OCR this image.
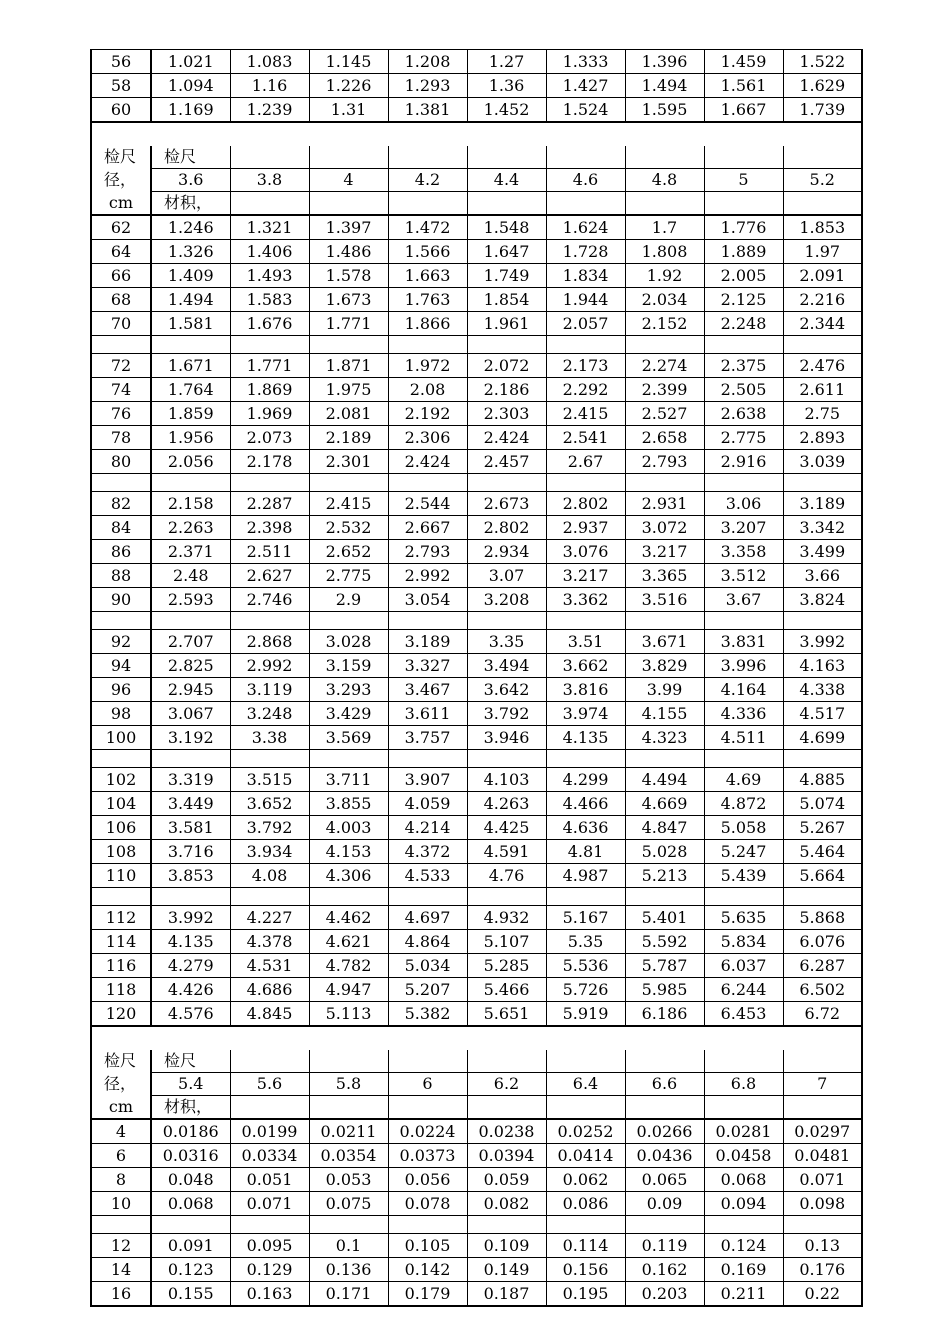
56	1.021	1.083	1.145	1.208	1.27	1.333	1.396	1.459	1.522
58	1.094	1.16	1.226	1.293	1.36	1.427	1.494	1.561	1.629
60	1.169	1.239	1.31	1.381	1.452	1.524	1.595	1.667	1.739

检尺	检尺								
径，	3.6	3.8	4	4.2	4.4	4.6	4.8	5	5.2
cm	材积，								
62	1.246	1.321	1.397	1.472	1.548	1.624	1.7	1.776	1.853
64	1.326	1.406	1.486	1.566	1.647	1.728	1.808	1.889	1.97
66	1.409	1.493	1.578	1.663	1.749	1.834	1.92	2.005	2.091
68	1.494	1.583	1.673	1.763	1.854	1.944	2.034	2.125	2.216
70	1.581	1.676	1.771	1.866	1.961	2.057	2.152	2.248	2.344

72	1.671	1.771	1.871	1.972	2.072	2.173	2.274	2.375	2.476
74	1.764	1.869	1.975	2.08	2.186	2.292	2.399	2.505	2.611
76	1.859	1.969	2.081	2.192	2.303	2.415	2.527	2.638	2.75
78	1.956	2.073	2.189	2.306	2.424	2.541	2.658	2.775	2.893
80	2.056	2.178	2.301	2.424	2.457	2.67	2.793	2.916	3.039

82	2.158	2.287	2.415	2.544	2.673	2.802	2.931	3.06	3.189
84	2.263	2.398	2.532	2.667	2.802	2.937	3.072	3.207	3.342
86	2.371	2.511	2.652	2.793	2.934	3.076	3.217	3.358	3.499
88	2.48	2.627	2.775	2.992	3.07	3.217	3.365	3.512	3.66
90	2.593	2.746	2.9	3.054	3.208	3.362	3.516	3.67	3.824

92	2.707	2.868	3.028	3.189	3.35	3.51	3.671	3.831	3.992
94	2.825	2.992	3.159	3.327	3.494	3.662	3.829	3.996	4.163
96	2.945	3.119	3.293	3.467	3.642	3.816	3.99	4.164	4.338
98	3.067	3.248	3.429	3.611	3.792	3.974	4.155	4.336	4.517
100	3.192	3.38	3.569	3.757	3.946	4.135	4.323	4.511	4.699

102	3.319	3.515	3.711	3.907	4.103	4.299	4.494	4.69	4.885
104	3.449	3.652	3.855	4.059	4.263	4.466	4.669	4.872	5.074
106	3.581	3.792	4.003	4.214	4.425	4.636	4.847	5.058	5.267
108	3.716	3.934	4.153	4.372	4.591	4.81	5.028	5.247	5.464
110	3.853	4.08	4.306	4.533	4.76	4.987	5.213	5.439	5.664

112	3.992	4.227	4.462	4.697	4.932	5.167	5.401	5.635	5.868
114	4.135	4.378	4.621	4.864	5.107	5.35	5.592	5.834	6.076
116	4.279	4.531	4.782	5.034	5.285	5.536	5.787	6.037	6.287
118	4.426	4.686	4.947	5.207	5.466	5.726	5.985	6.244	6.502
120	4.576	4.845	5.113	5.382	5.651	5.919	6.186	6.453	6.72

检尺	检尺								
径，	5.4	5.6	5.8	6	6.2	6.4	6.6	6.8	7
cm	材积，								
4	0.0186	0.0199	0.0211	0.0224	0.0238	0.0252	0.0266	0.0281	0.0297
6	0.0316	0.0334	0.0354	0.0373	0.0394	0.0414	0.0436	0.0458	0.0481
8	0.048	0.051	0.053	0.056	0.059	0.062	0.065	0.068	0.071
10	0.068	0.071	0.075	0.078	0.082	0.086	0.09	0.094	0.098

12	0.091	0.095	0.1	0.105	0.109	0.114	0.119	0.124	0.13
14	0.123	0.129	0.136	0.142	0.149	0.156	0.162	0.169	0.176
16	0.155	0.163	0.171	0.179	0.187	0.195	0.203	0.211	0.22
